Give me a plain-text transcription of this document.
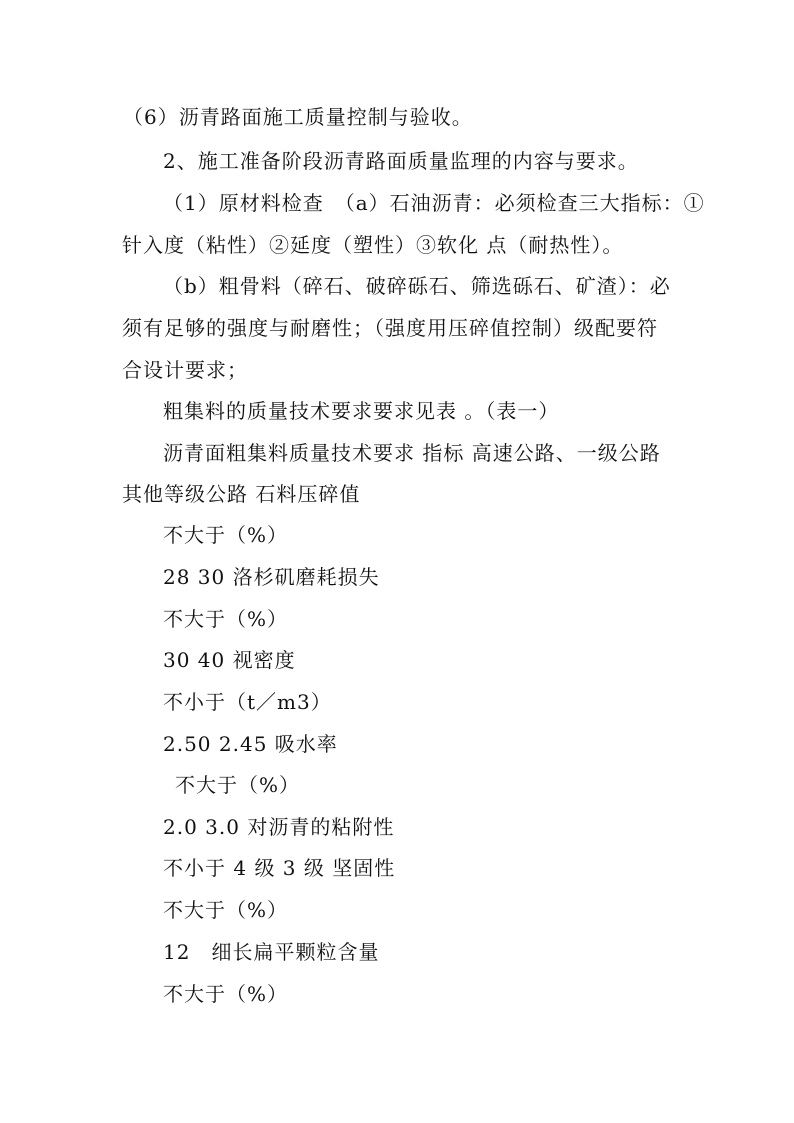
（6）沥青路面施工质量控制与验收。
2、施工准备阶段沥青路面质量监理的内容与要求。
（1）原材料检查　（a）石油沥青：必须检查三大指标：①
针入度（粘性）②延度（塑性）③软化 点（耐热性）。
（b）粗骨料（碎石、破碎砾石、筛选砾石、矿渣）：必
须有足够的强度与耐磨性；（强度用压碎值控制）级配要符
合设计要求；
粗集料的质量技术要求要求见表 。（表一）
沥青面粗集料质量技术要求 指标 高速公路、一级公路
其他等级公路 石料压碎值
不大于（%）
28 30 洛杉矶磨耗损失
不大于（%）
30 40 视密度
不小于（t／m3）
2.50 2.45 吸水率
不大于（%）
2.0 3.0 对沥青的粘附性
不小于 4 级 3 级 坚固性
不大于（%）
12　细长扁平颗粒含量
不大于（%）
